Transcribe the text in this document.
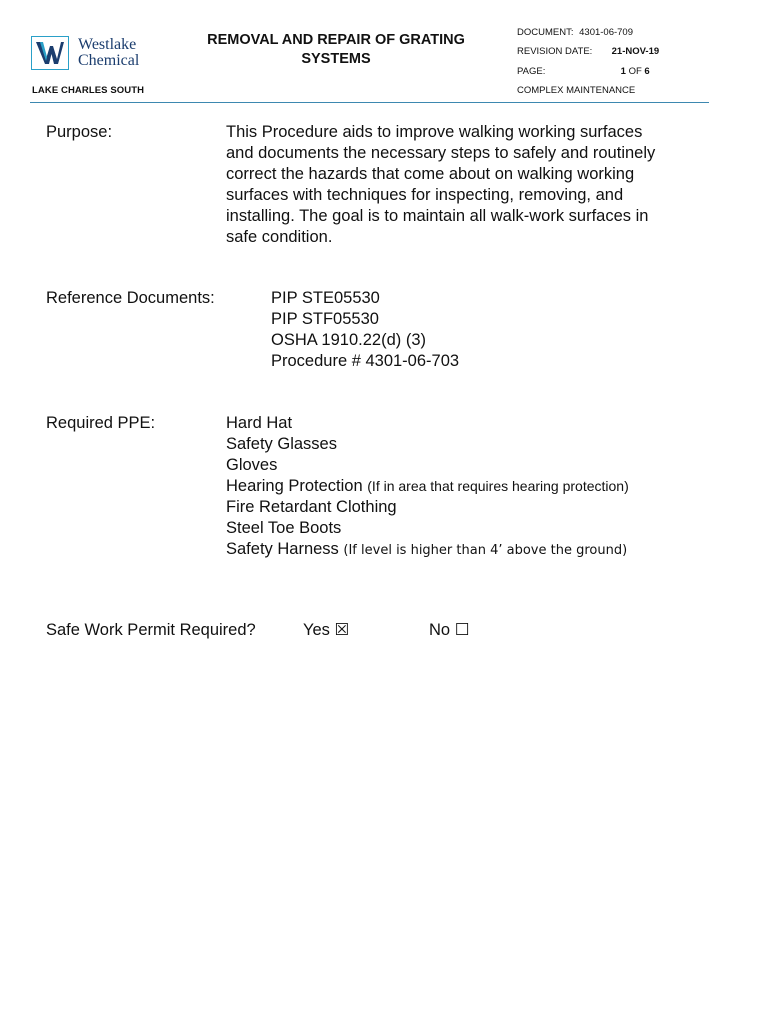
Westlake
Chemical
LAKE CHARLES SOUTH
REMOVAL AND REPAIR OF GRATING
SYSTEMS
DOCUMENT: 4301-06-709
REVISION DATE: 21-NOV-19
PAGE:	1 OF 6
COMPLEX MAINTENANCE
Purpose:	This Procedure aids to improve walking working surfaces
and documents the necessary steps to safely and routinely
correct the hazards that come about on walking working
surfaces with techniques for inspecting, removing, and
installing. The goal is to maintain all walk-work surfaces in
safe condition.
Reference Documents:	PIP STE05530
PIP STF05530
OSHA 1910.22(d) (3)
Procedure # 4301-06-703
Required PPE:	Hard Hat
Safety Glasses
Gloves
Hearing Protection (If in area that requires hearing protection)
Fire Retardant Clothing
Steel Toe Boots
Safety Harness (If level is higher than 4’ above the ground)
Safe Work Permit Required?	Yes ☒	No ☐
